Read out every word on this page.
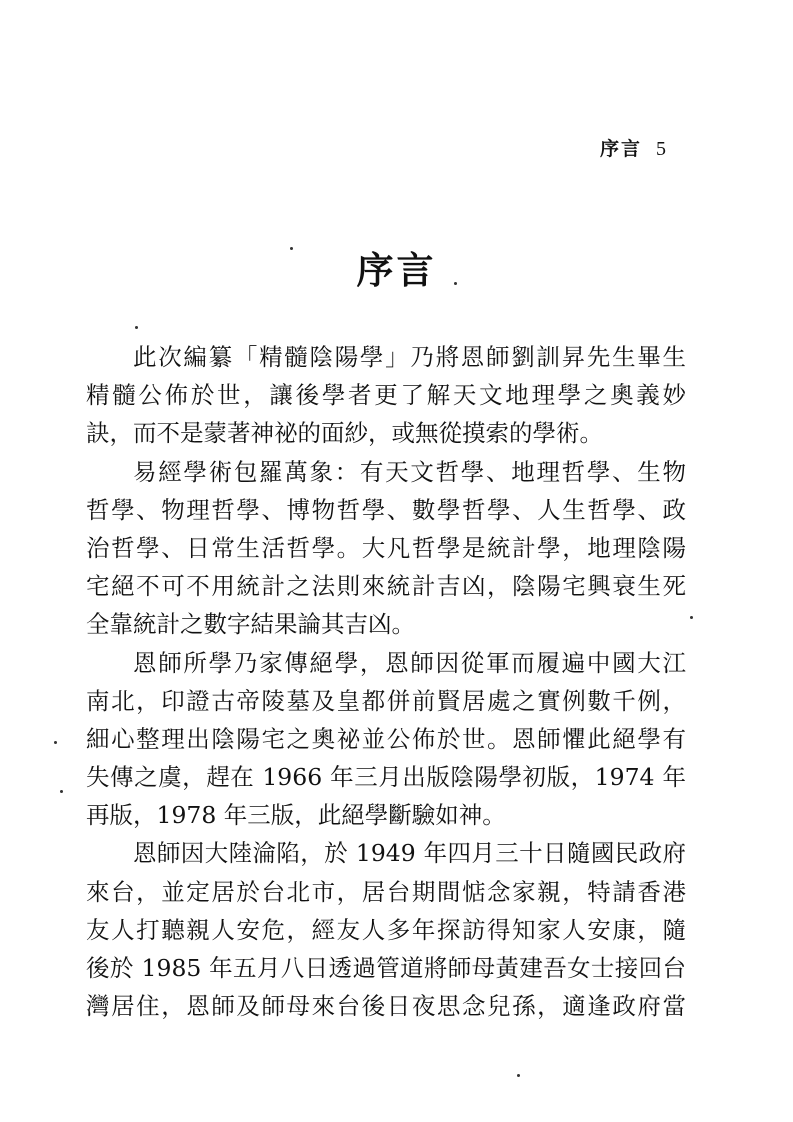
序言 5
序言
此次編纂「精髓陰陽學」乃將恩師劉訓昇先生畢生
精髓公佈於世，讓後學者更了解天文地理學之奧義妙
訣，而不是蒙著神祕的面紗，或無從摸索的學術。
易經學術包羅萬象：有天文哲學、地理哲學、生物
哲學、物理哲學、博物哲學、數學哲學、人生哲學、政
治哲學、日常生活哲學。大凡哲學是統計學，地理陰陽
宅絕不可不用統計之法則來統計吉凶，陰陽宅興衰生死
全靠統計之數字結果論其吉凶。
恩師所學乃家傳絕學，恩師因從軍而履遍中國大江
南北，印證古帝陵墓及皇都併前賢居處之實例數千例，
細心整理出陰陽宅之奧祕並公佈於世。恩師懼此絕學有
失傳之虞，趕在 1966 年三月出版陰陽學初版，1974 年
再版，1978 年三版，此絕學斷驗如神。
恩師因大陸淪陷，於 1949 年四月三十日隨國民政府
來台，並定居於台北市，居台期間惦念家親，特請香港
友人打聽親人安危，經友人多年探訪得知家人安康，隨
後於 1985 年五月八日透過管道將師母黃建吾女士接回台
灣居住，恩師及師母來台後日夜思念兒孫，適逢政府當
